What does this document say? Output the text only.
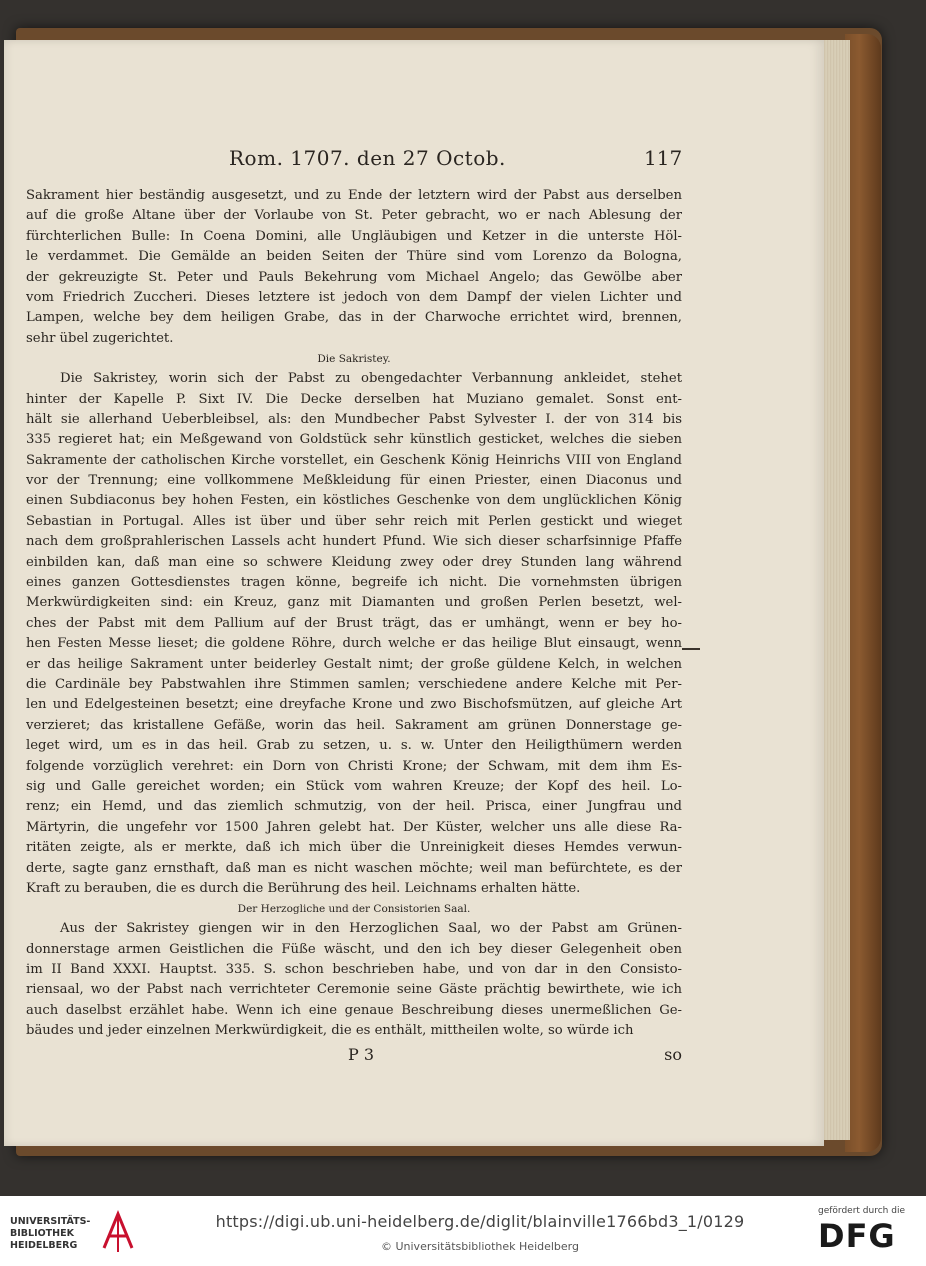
Rom. 1707. den 27 Octob.	117
Sakrament hier beständig ausgesetzt, und zu Ende der letztern wird der Pabst aus derselben
auf die große Altane über der Vorlaube von St. Peter gebracht, wo er nach Ablesung der
fürchterlichen Bulle: In Coena Domini, alle Ungläubigen und Ketzer in die unterste Höl-
le verdammet. Die Gemälde an beiden Seiten der Thüre sind vom Lorenzo da Bologna,
der gekreuzigte St. Peter und Pauls Bekehrung vom Michael Angelo; das Gewölbe aber
vom Friedrich Zuccheri. Dieses letztere ist jedoch von dem Dampf der vielen Lichter und
Lampen, welche bey dem heiligen Grabe, das in der Charwoche errichtet wird, brennen,
sehr übel zugerichtet.
Die Sakristey.
Die Sakristey, worin sich der Pabst zu obengedachter Verbannung ankleidet, stehet
hinter der Kapelle P. Sixt IV. Die Decke derselben hat Muziano gemalet. Sonst ent-
hält sie allerhand Ueberbleibsel, als: den Mundbecher Pabst Sylvester I. der von 314 bis
335 regieret hat; ein Meßgewand von Goldstück sehr künstlich gesticket, welches die sieben
Sakramente der catholischen Kirche vorstellet, ein Geschenk König Heinrichs VIII von England
vor der Trennung; eine vollkommene Meßkleidung für einen Priester, einen Diaconus und
einen Subdiaconus bey hohen Festen, ein köstliches Geschenke von dem unglücklichen König
Sebastian in Portugal. Alles ist über und über sehr reich mit Perlen gestickt und wieget
nach dem großprahlerischen Lassels acht hundert Pfund. Wie sich dieser scharfsinnige Pfaffe
einbilden kan, daß man eine so schwere Kleidung zwey oder drey Stunden lang während
eines ganzen Gottesdienstes tragen könne, begreife ich nicht. Die vornehmsten übrigen
Merkwürdigkeiten sind: ein Kreuz, ganz mit Diamanten und großen Perlen besetzt, wel-
ches der Pabst mit dem Pallium auf der Brust trägt, das er umhängt, wenn er bey ho-
hen Festen Messe lieset; die goldene Röhre, durch welche er das heilige Blut einsaugt, wenn
er das heilige Sakrament unter beiderley Gestalt nimt; der große güldene Kelch, in welchen
die Cardinäle bey Pabstwahlen ihre Stimmen samlen; verschiedene andere Kelche mit Per-
len und Edelgesteinen besetzt; eine dreyfache Krone und zwo Bischofsmützen, auf gleiche Art
verzieret; das kristallene Gefäße, worin das heil. Sakrament am grünen Donnerstage ge-
leget wird, um es in das heil. Grab zu setzen, u. s. w. Unter den Heiligthümern werden
folgende vorzüglich verehret: ein Dorn von Christi Krone; der Schwam, mit dem ihm Es-
sig und Galle gereichet worden; ein Stück vom wahren Kreuze; der Kopf des heil. Lo-
renz; ein Hemd, und das ziemlich schmutzig, von der heil. Prisca, einer Jungfrau und
Märtyrin, die ungefehr vor 1500 Jahren gelebt hat. Der Küster, welcher uns alle diese Ra-
ritäten zeigte, als er merkte, daß ich mich über die Unreinigkeit dieses Hemdes verwun-
derte, sagte ganz ernsthaft, daß man es nicht waschen möchte; weil man befürchtete, es der
Kraft zu berauben, die es durch die Berührung des heil. Leichnams erhalten hätte.
Der Herzogliche und der Consistorien Saal.
Aus der Sakristey giengen wir in den Herzoglichen Saal, wo der Pabst am Grünen-
donnerstage armen Geistlichen die Füße wäscht, und den ich bey dieser Gelegenheit oben
im II Band XXXI. Hauptst. 335. S. schon beschrieben habe, und von dar in den Consisto-
riensaal, wo der Pabst nach verrichteter Ceremonie seine Gäste prächtig bewirthete, wie ich
auch daselbst erzählet habe. Wenn ich eine genaue Beschreibung dieses unermeßlichen Ge-
bäudes und jeder einzelnen Merkwürdigkeit, die es enthält, mittheilen wolte, so würde ich
P 3	so
UNIVERSITÄTS-
BIBLIOTHEK
HEIDELBERG
https://digi.ub.uni-heidelberg.de/diglit/blainville1766bd3_1/0129
© Universitätsbibliothek Heidelberg
gefördert durch die
DFG
